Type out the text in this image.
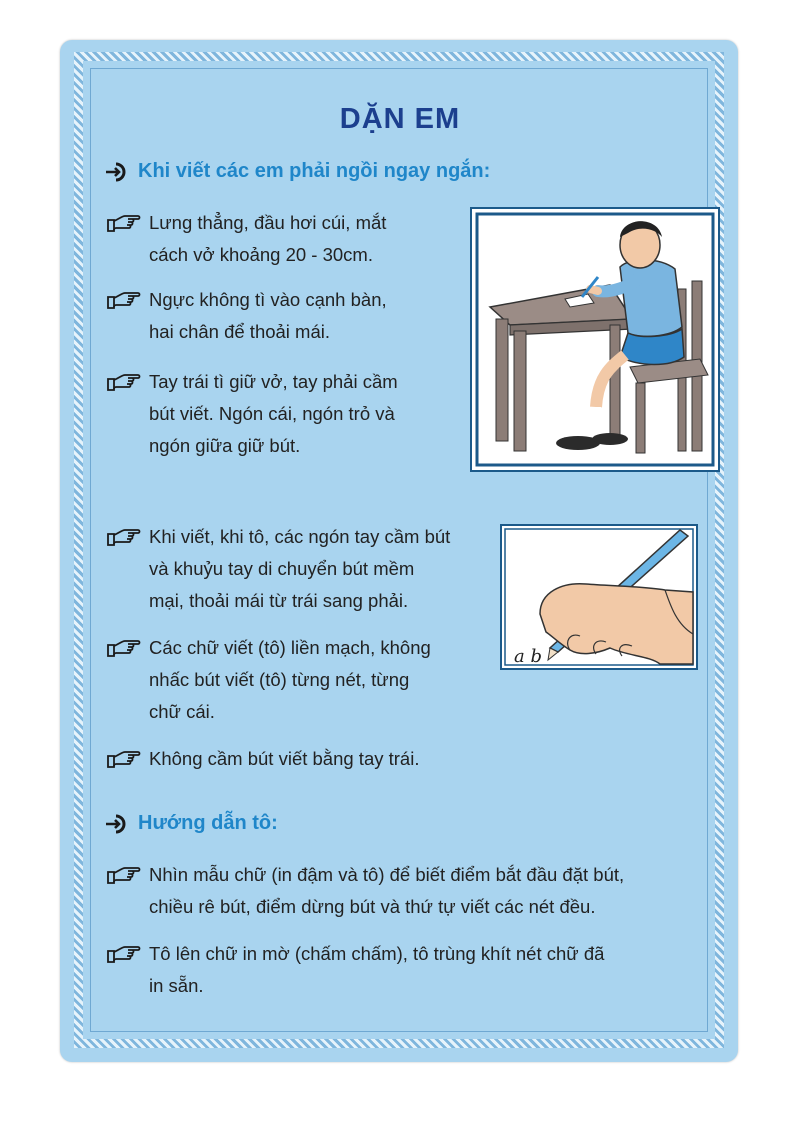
DẶN EM
Khi viết các em phải ngồi ngay ngắn:
Lưng thẳng, đầu hơi cúi, mắt
cách vở khoảng 20 - 30cm.
Ngực không tì vào cạnh bàn,
hai chân để thoải mái.
Tay trái tì giữ vở, tay phải cầm
bút viết. Ngón cái, ngón trỏ và
ngón giữa giữ bút.
Khi viết, khi tô, các ngón tay cầm bút
và khuỷu tay di chuyển bút mềm
mại, thoải mái từ trái sang phải.
Các chữ viết (tô) liền mạch, không
nhấc bút viết (tô) từng nét, từng
chữ cái.
Không cầm bút viết bằng tay trái.
a b
Hướng dẫn tô:
Nhìn mẫu chữ (in đậm và tô) để biết điểm bắt đầu đặt bút,
chiều rê bút, điểm dừng bút và thứ tự viết các nét đều.
Tô lên chữ in mờ (chấm chấm), tô trùng khít nét chữ đã
in sẵn.
